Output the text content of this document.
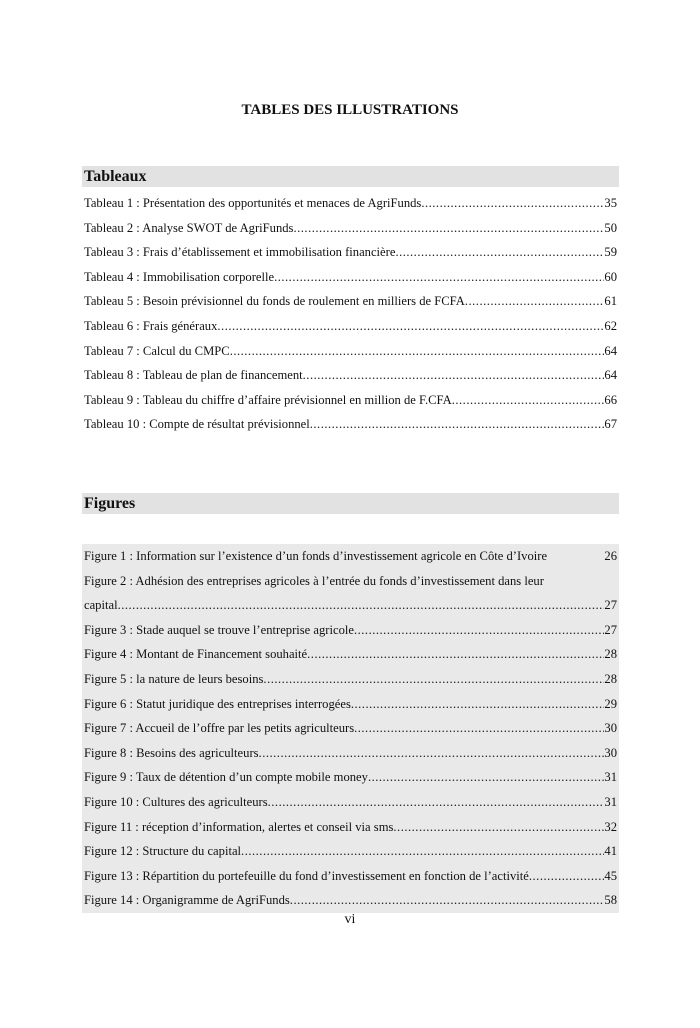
TABLES DES ILLUSTRATIONS
Tableaux
Tableau 1 : Présentation des opportunités et menaces de AgriFunds .....	35
Tableau 2 : Analyse SWOT de AgriFunds .....	50
Tableau 3 : Frais d’établissement et immobilisation financière .....	59
Tableau 4 : Immobilisation corporelle .....	60
Tableau 5 : Besoin prévisionnel du fonds de roulement en milliers de FCFA .....	61
Tableau 6 : Frais généraux .....	62
Tableau 7 : Calcul du CMPC .....	64
Tableau 8 : Tableau de plan de financement .....	64
Tableau 9 : Tableau du chiffre d’affaire prévisionnel en million de F.CFA .....	66
Tableau 10 : Compte de résultat prévisionnel .....	67
Figures
Figure 1 : Information sur l’existence d’un fonds d’investissement agricole en Côte d’Ivoire	26
Figure 2 : Adhésion des entreprises agricoles à l’entrée du fonds d’investissement dans leur
capital .....	27
Figure 3 : Stade auquel se trouve l’entreprise agricole .....	27
Figure 4 : Montant de Financement souhaité .....	28
Figure 5 : la nature de leurs besoins .....	28
Figure 6 : Statut juridique des entreprises interrogées .....	29
Figure 7 : Accueil de l’offre par les petits agriculteurs .....	30
Figure 8 : Besoins des agriculteurs .....	30
Figure 9 : Taux de détention d’un compte mobile money .....	31
Figure 10 : Cultures des agriculteurs .....	31
Figure 11 : réception d’information, alertes et conseil via sms .....	32
Figure 12 : Structure du capital .....	41
Figure 13 : Répartition du portefeuille du fond d’investissement en fonction de l’activité .....	45
Figure 14 : Organigramme de AgriFunds .....	58
vi
